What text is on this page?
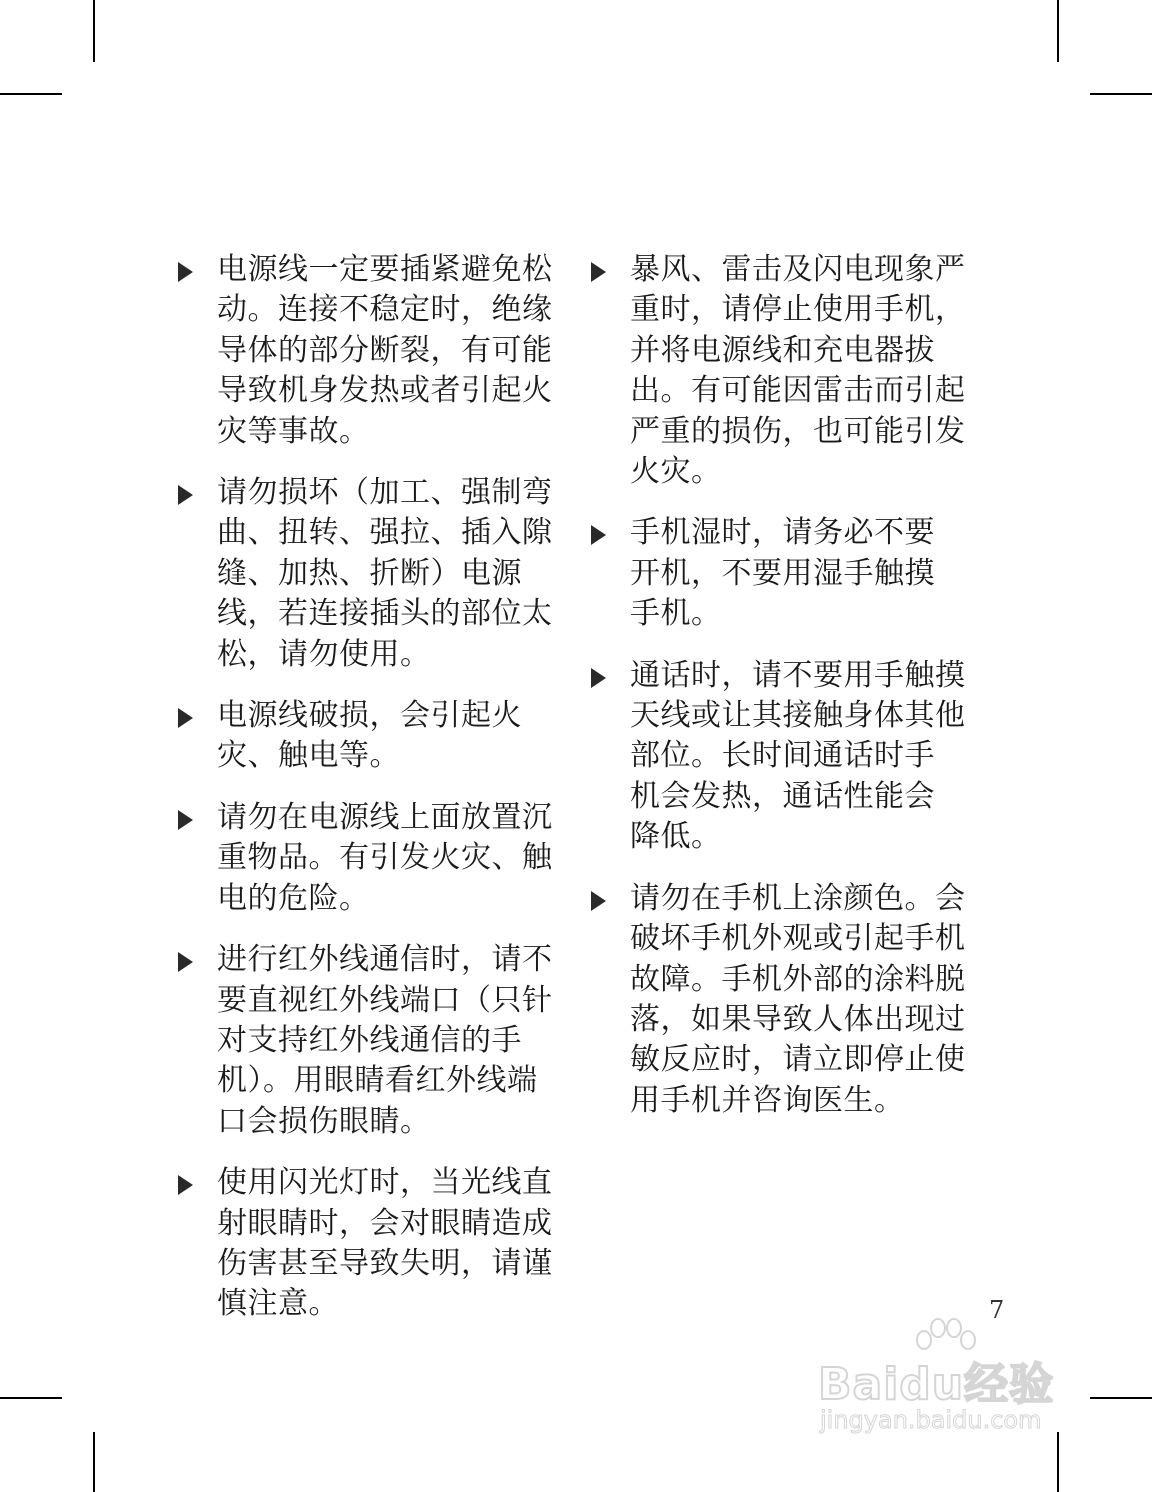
电源线一定要插紧避免松
动。连接不稳定时，绝缘
导体的部分断裂，有可能
导致机身发热或者引起火
灾等事故。
请勿损坏（加工、强制弯
曲、扭转、强拉、插入隙
缝、加热、折断）电源
线，若连接插头的部位太
松，请勿使用。
电源线破损，会引起火
灾、触电等。
请勿在电源线上面放置沉
重物品。有引发火灾、触
电的危险。
进行红外线通信时，请不
要直视红外线端口（只针
对支持红外线通信的手
机）。用眼睛看红外线端
口会损伤眼睛。
使用闪光灯时，当光线直
射眼睛时，会对眼睛造成
伤害甚至导致失明，请谨
慎注意。
暴风、雷击及闪电现象严
重时，请停止使用手机，
并将电源线和充电器拔
出。有可能因雷击而引起
严重的损伤，也可能引发
火灾。
手机湿时，请务必不要
开机，不要用湿手触摸
手机。
通话时，请不要用手触摸
天线或让其接触身体其他
部位。长时间通话时手
机会发热，通话性能会
降低。
请勿在手机上涂颜色。会
破坏手机外观或引起手机
故障。手机外部的涂料脱
落，如果导致人体出现过
敏反应时，请立即停止使
用手机并咨询医生。
7
Baidu经验
jingyan.baidu.com
